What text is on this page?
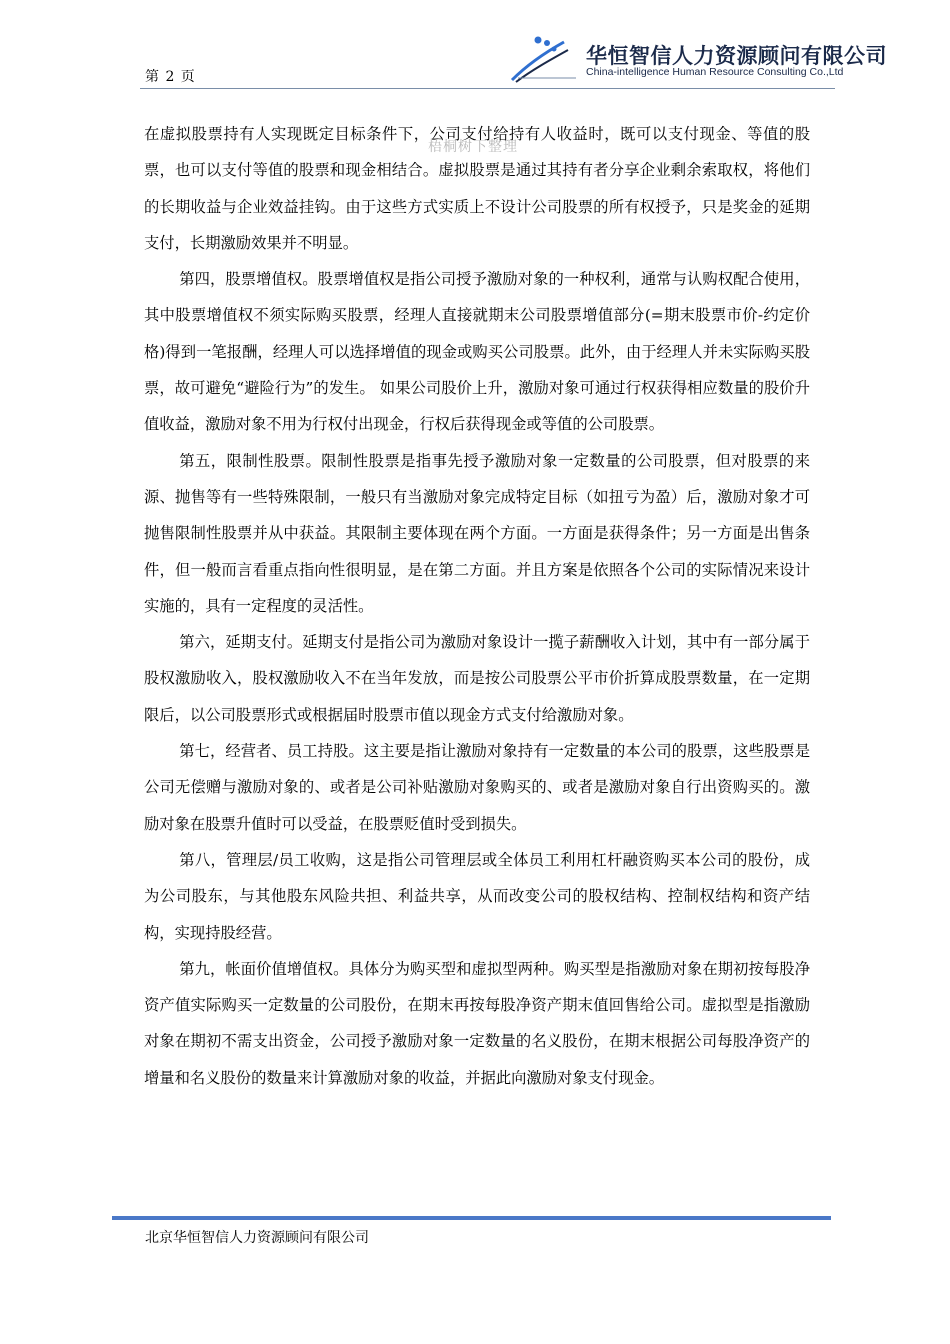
第 2 页
华恒智信人力资源顾问有限公司
China-intelligence Human Resource Consulting Co.,Ltd

在虚拟股票持有人实现既定目标条件下，公司支付给持有人收益时，既可以支付现金、等值的股票，也可以支付等值的股票和现金相结合。虚拟股票是通过其持有者分享企业剩余索取权，将他们的长期收益与企业效益挂钩。由于这些方式实质上不设计公司股票的所有权授予，只是奖金的延期支付，长期激励效果并不明显。

第四，股票增值权。股票增值权是指公司授予激励对象的一种权利，通常与认购权配合使用，其中股票增值权不须实际购买股票，经理人直接就期末公司股票增值部分(=期末股票市价-约定价格)得到一笔报酬，经理人可以选择增值的现金或购买公司股票。此外，由于经理人并未实际购买股票，故可避免“避险行为”的发生。 如果公司股价上升，激励对象可通过行权获得相应数量的股价升值收益，激励对象不用为行权付出现金，行权后获得现金或等值的公司股票。

第五，限制性股票。限制性股票是指事先授予激励对象一定数量的公司股票，但对股票的来源、抛售等有一些特殊限制，一般只有当激励对象完成特定目标（如扭亏为盈）后，激励对象才可抛售限制性股票并从中获益。其限制主要体现在两个方面。一方面是获得条件；另一方面是出售条件，但一般而言看重点指向性很明显，是在第二方面。并且方案是依照各个公司的实际情况来设计实施的，具有一定程度的灵活性。

第六，延期支付。延期支付是指公司为激励对象设计一揽子薪酬收入计划，其中有一部分属于股权激励收入，股权激励收入不在当年发放，而是按公司股票公平市价折算成股票数量，在一定期限后，以公司股票形式或根据届时股票市值以现金方式支付给激励对象。

第七，经营者、员工持股。这主要是指让激励对象持有一定数量的本公司的股票，这些股票是公司无偿赠与激励对象的、或者是公司补贴激励对象购买的、或者是激励对象自行出资购买的。激励对象在股票升值时可以受益，在股票贬值时受到损失。

第八，管理层/员工收购，这是指公司管理层或全体员工利用杠杆融资购买本公司的股份，成为公司股东，与其他股东风险共担、利益共享，从而改变公司的股权结构、控制权结构和资产结构，实现持股经营。

第九，帐面价值增值权。具体分为购买型和虚拟型两种。购买型是指激励对象在期初按每股净资产值实际购买一定数量的公司股份，在期末再按每股净资产期末值回售给公司。虚拟型是指激励对象在期初不需支出资金，公司授予激励对象一定数量的名义股份，在期末根据公司每股净资产的增量和名义股份的数量来计算激励对象的收益，并据此向激励对象支付现金。

梧桐树下整理
北京华恒智信人力资源顾问有限公司
